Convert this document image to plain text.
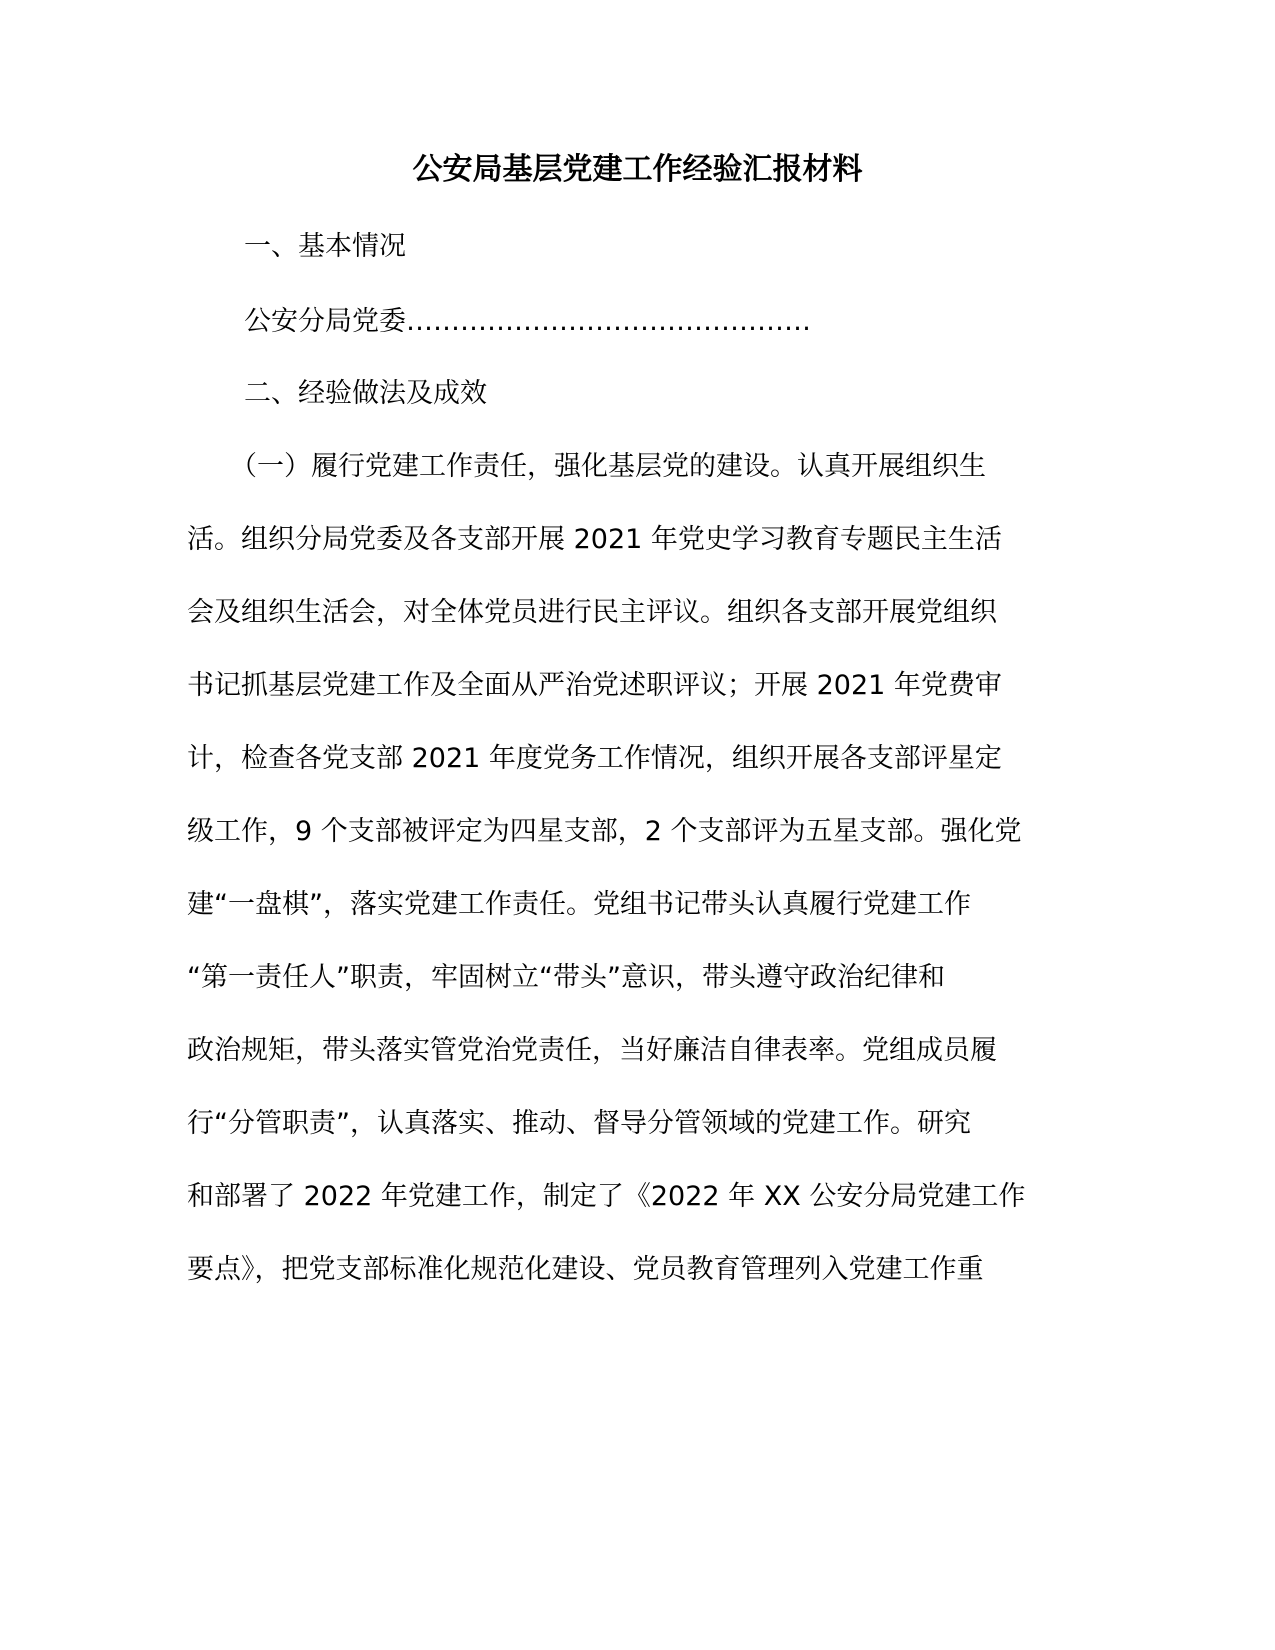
公安局基层党建工作经验汇报材料

一、基本情况

公安分局党委………………………………………

二、经验做法及成效

（一）履行党建工作责任，强化基层党的建设。认真开展组织生

活。组织分局党委及各支部开展 2021 年党史学习教育专题民主生活

会及组织生活会，对全体党员进行民主评议。组织各支部开展党组织

书记抓基层党建工作及全面从严治党述职评议；开展 2021 年党费审

计，检查各党支部 2021 年度党务工作情况，组织开展各支部评星定

级工作，9 个支部被评定为四星支部，2 个支部评为五星支部。强化党

建“一盘棋”，落实党建工作责任。党组书记带头认真履行党建工作

“第一责任人”职责，牢固树立“带头”意识，带头遵守政治纪律和

政治规矩，带头落实管党治党责任，当好廉洁自律表率。党组成员履

行“分管职责”，认真落实、推动、督导分管领域的党建工作。研究

和部署了 2022 年党建工作，制定了《2022 年 XX 公安分局党建工作

要点》，把党支部标准化规范化建设、党员教育管理列入党建工作重
